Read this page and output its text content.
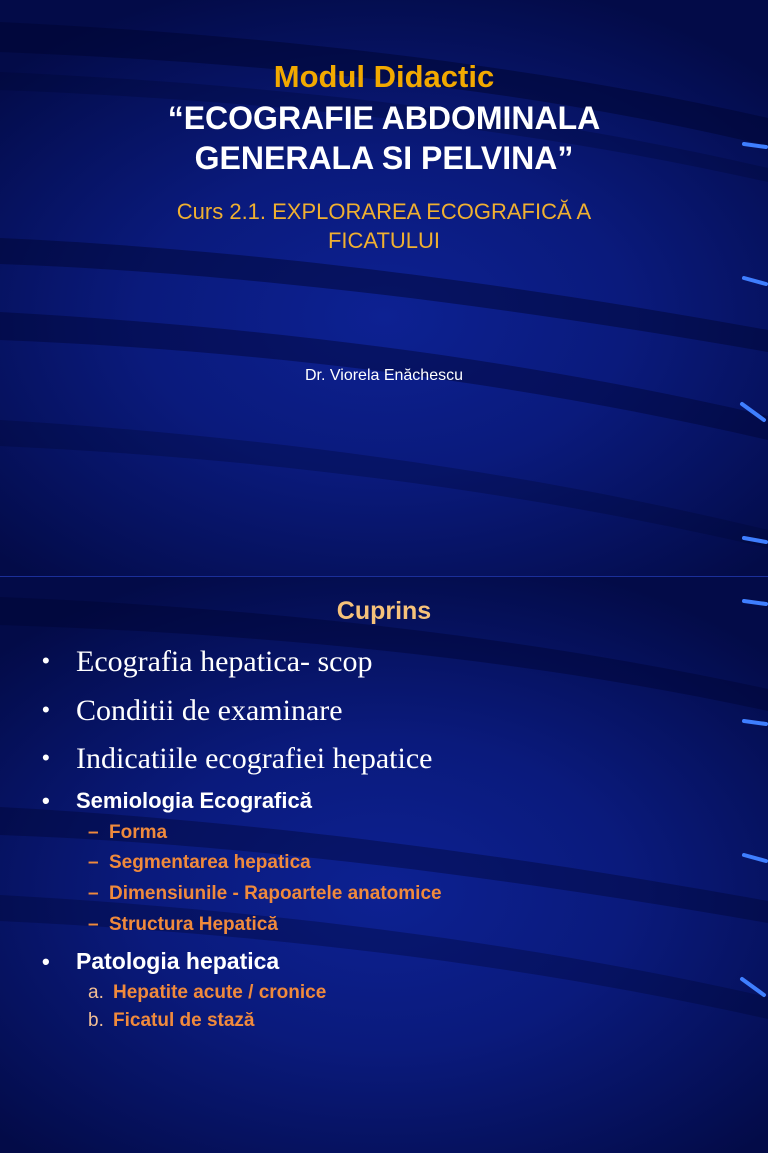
Modul Didactic
“ECOGRAFIE ABDOMINALA
GENERALA SI PELVINA”
Curs 2.1. EXPLORAREA ECOGRAFICĂ A
FICATULUI
Dr. Viorela Enăchescu
Cuprins
• Ecografia hepatica- scop
• Conditii de examinare
• Indicatiile ecografiei hepatice
• Semiologia Ecografică
– Forma
– Segmentarea hepatica
– Dimensiunile - Rapoartele anatomice
– Structura Hepatică
• Patologia hepatica
a. Hepatite acute / cronice
b. Ficatul de stază
